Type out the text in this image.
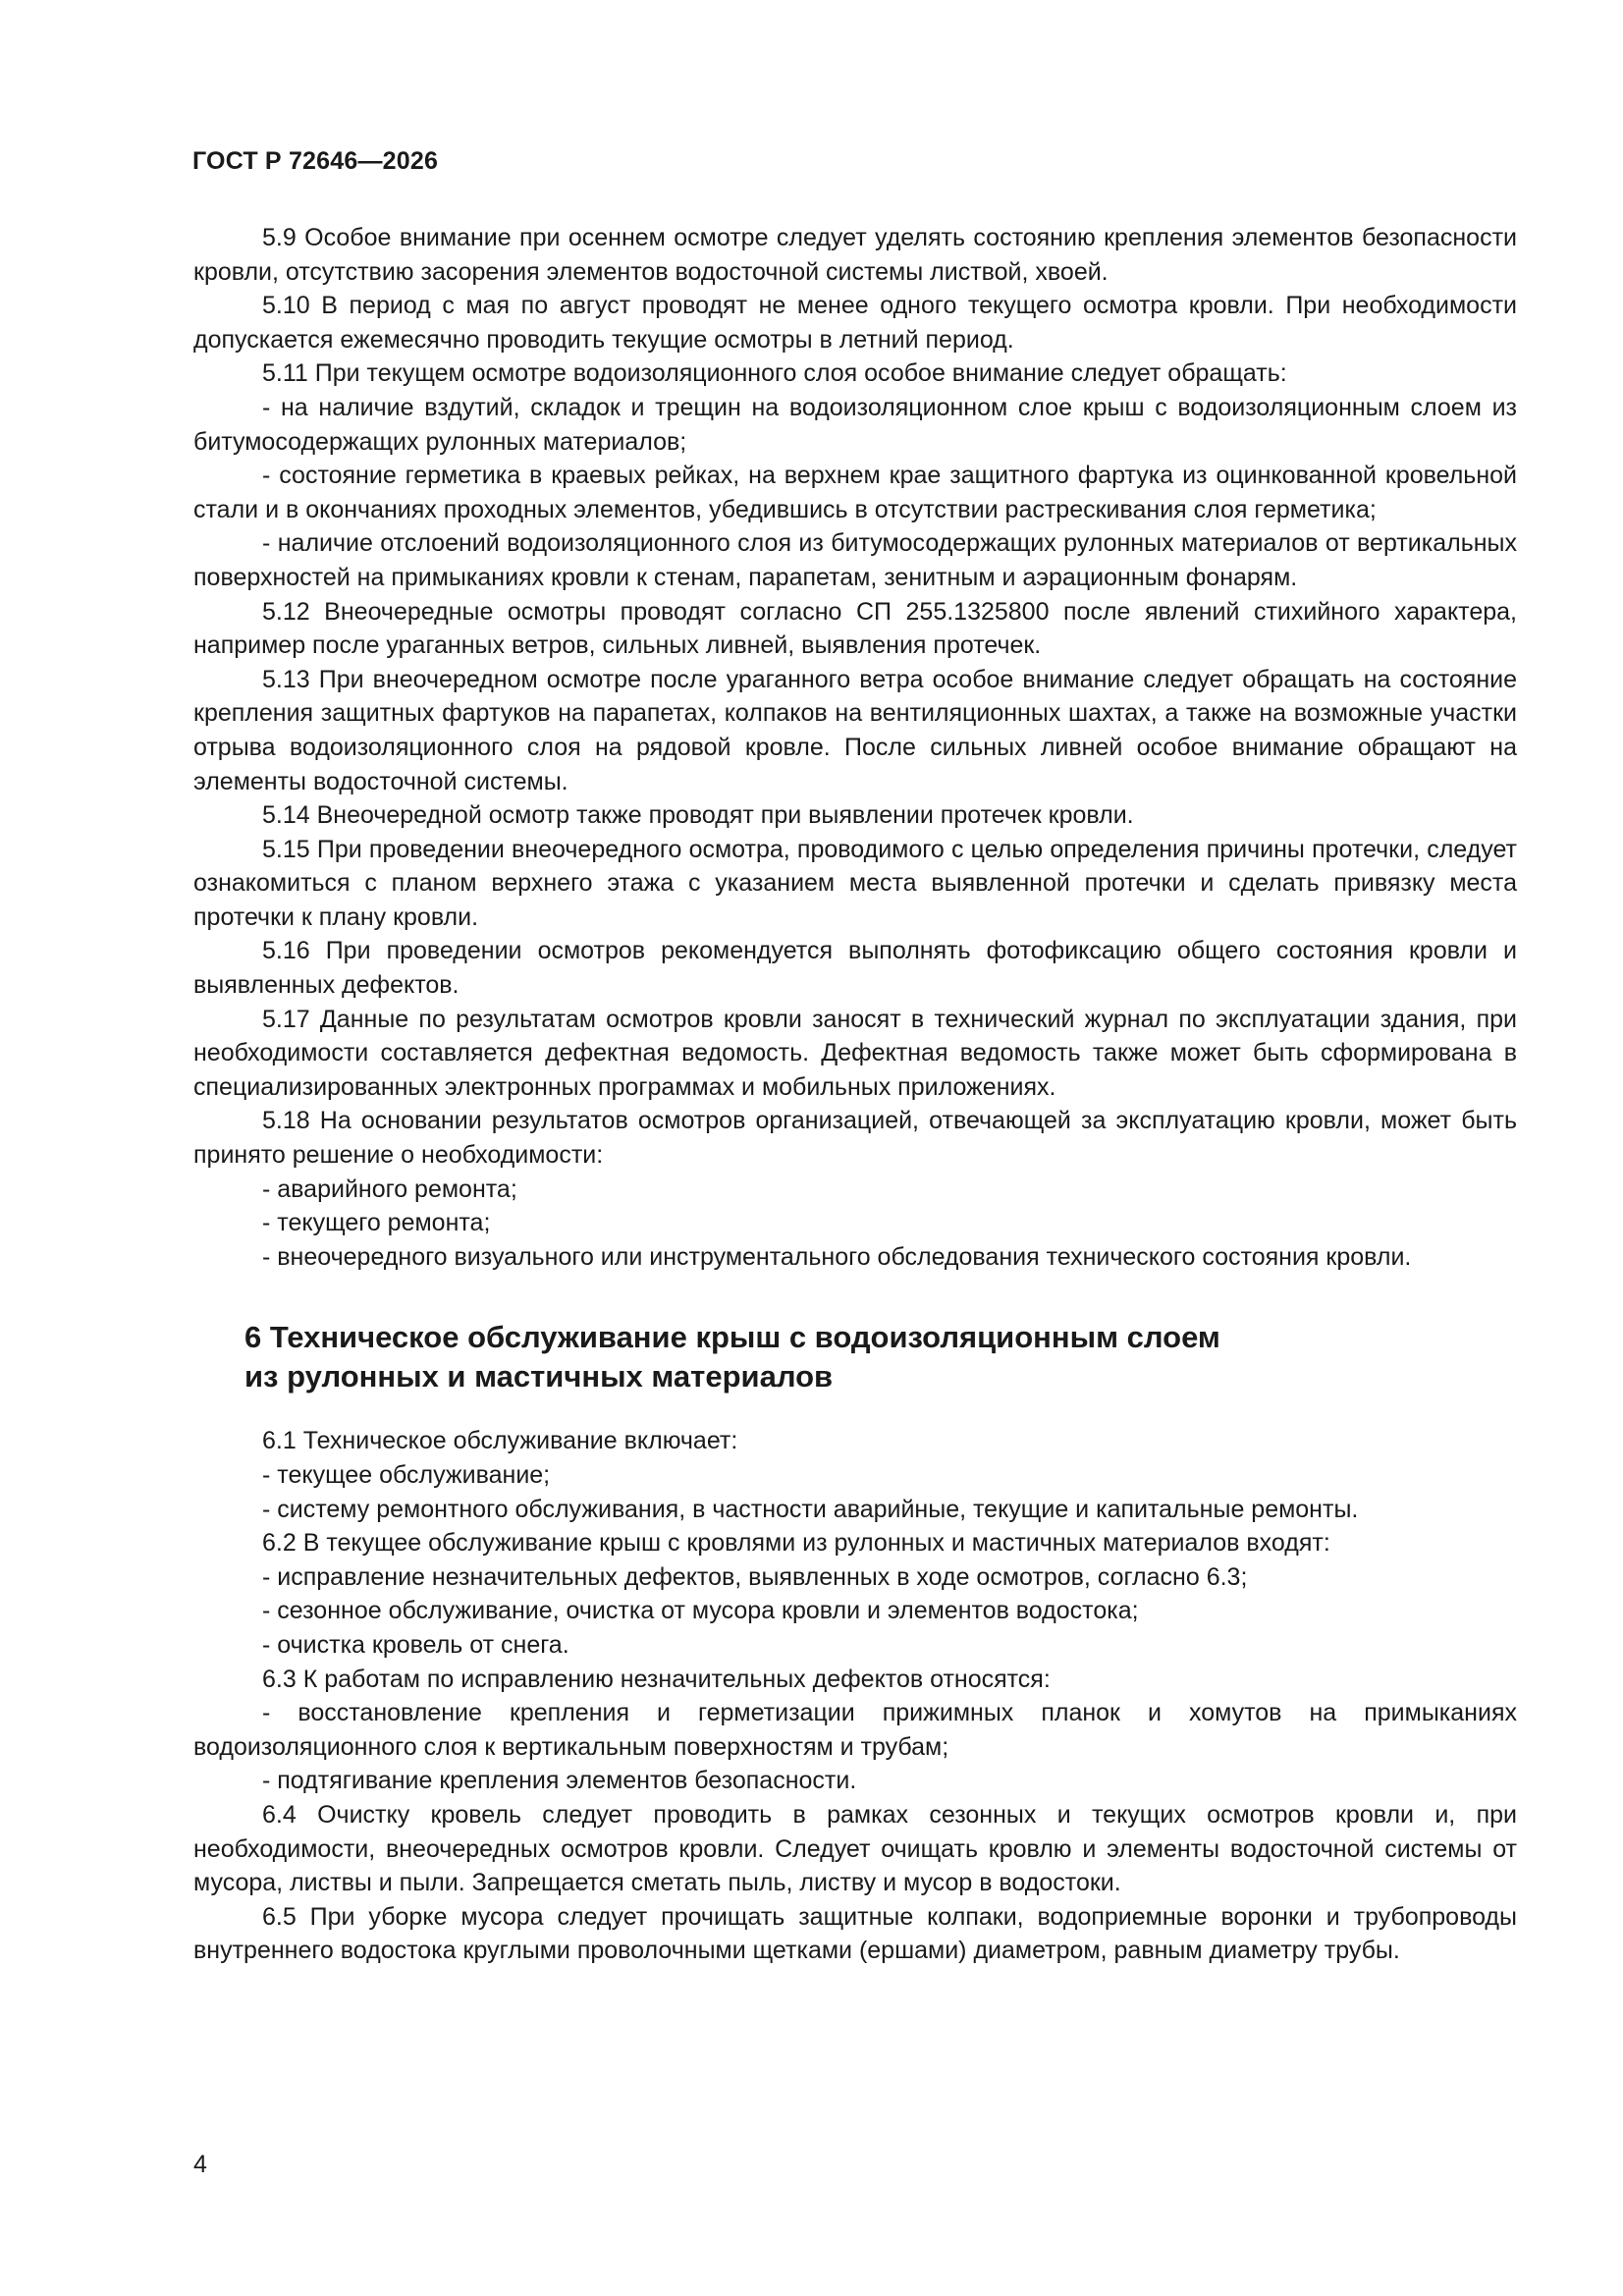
ГОСТ Р 72646—2026

5.9 Особое внимание при осеннем осмотре следует уделять состоянию крепления элементов безопасности кровли, отсутствию засорения элементов водосточной системы листвой, хвоей.

5.10 В период с мая по август проводят не менее одного текущего осмотра кровли. При необходимости допускается ежемесячно проводить текущие осмотры в летний период.

5.11 При текущем осмотре водоизоляционного слоя особое внимание следует обращать:

- на наличие вздутий, складок и трещин на водоизоляционном слое крыш с водоизоляционным слоем из битумосодержащих рулонных материалов;

- состояние герметика в краевых рейках, на верхнем крае защитного фартука из оцинкованной кровельной стали и в окончаниях проходных элементов, убедившись в отсутствии растрескивания слоя герметика;

- наличие отслоений водоизоляционного слоя из битумосодержащих рулонных материалов от вертикальных поверхностей на примыканиях кровли к стенам, парапетам, зенитным и аэрационным фонарям.

5.12 Внеочередные осмотры проводят согласно СП 255.1325800 после явлений стихийного характера, например после ураганных ветров, сильных ливней, выявления протечек.

5.13 При внеочередном осмотре после ураганного ветра особое внимание следует обращать на состояние крепления защитных фартуков на парапетах, колпаков на вентиляционных шахтах, а также на возможные участки отрыва водоизоляционного слоя на рядовой кровле. После сильных ливней особое внимание обращают на элементы водосточной системы.

5.14 Внеочередной осмотр также проводят при выявлении протечек кровли.

5.15 При проведении внеочередного осмотра, проводимого с целью определения причины протечки, следует ознакомиться с планом верхнего этажа с указанием места выявленной протечки и сделать привязку места протечки к плану кровли.

5.16 При проведении осмотров рекомендуется выполнять фотофиксацию общего состояния кровли и выявленных дефектов.

5.17 Данные по результатам осмотров кровли заносят в технический журнал по эксплуатации здания, при необходимости составляется дефектная ведомость. Дефектная ведомость также может быть сформирована в специализированных электронных программах и мобильных приложениях.

5.18 На основании результатов осмотров организацией, отвечающей за эксплуатацию кровли, может быть принято решение о необходимости:

- аварийного ремонта;

- текущего ремонта;

- внеочередного визуального или инструментального обследования технического состояния кровли.

6 Техническое обслуживание крыш с водоизоляционным слоем
из рулонных и мастичных материалов

6.1 Техническое обслуживание включает:

- текущее обслуживание;

- систему ремонтного обслуживания, в частности аварийные, текущие и капитальные ремонты.

6.2 В текущее обслуживание крыш с кровлями из рулонных и мастичных материалов входят:

- исправление незначительных дефектов, выявленных в ходе осмотров, согласно 6.3;

- сезонное обслуживание, очистка от мусора кровли и элементов водостока;

- очистка кровель от снега.

6.3 К работам по исправлению незначительных дефектов относятся:

- восстановление крепления и герметизации прижимных планок и хомутов на примыканиях водоизоляционного слоя к вертикальным поверхностям и трубам;

- подтягивание крепления элементов безопасности.

6.4 Очистку кровель следует проводить в рамках сезонных и текущих осмотров кровли и, при необходимости, внеочередных осмотров кровли. Следует очищать кровлю и элементы водосточной системы от мусора, листвы и пыли. Запрещается сметать пыль, листву и мусор в водостоки.

6.5 При уборке мусора следует прочищать защитные колпаки, водоприемные воронки и трубопроводы внутреннего водостока круглыми проволочными щетками (ершами) диаметром, равным диаметру трубы.

4
